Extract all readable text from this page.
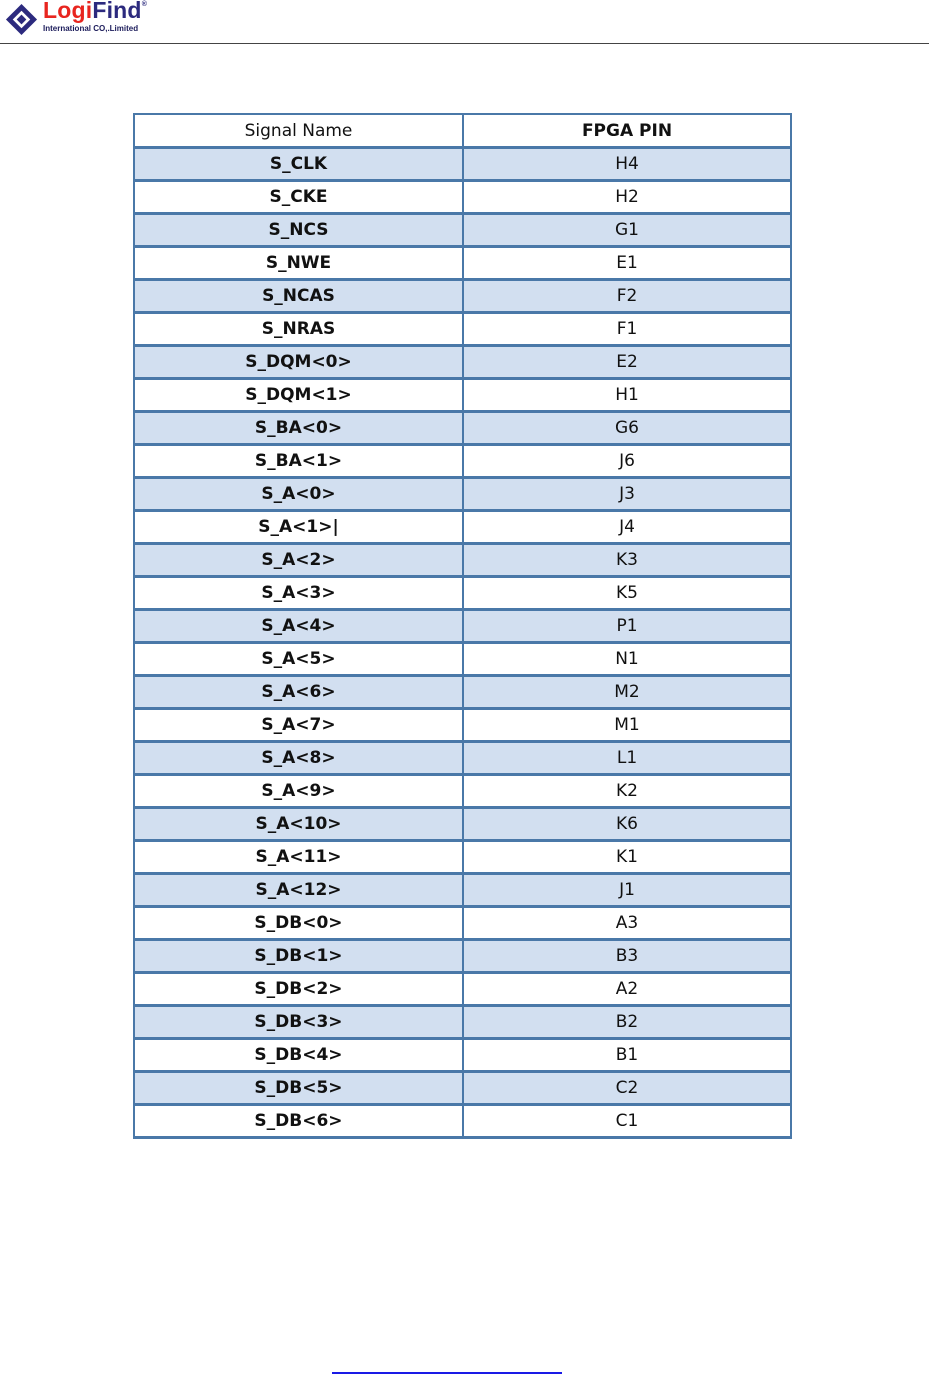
LogiFind®
International CO,.Limited
Signal Name	FPGA PIN
S_CLK	H4
S_CKE	H2
S_NCS	G1
S_NWE	E1
S_NCAS	F2
S_NRAS	F1
S_DQM<0>	E2
S_DQM<1>	H1
S_BA<0>	G6
S_BA<1>	J6
S_A<0>	J3
S_A<1>|	J4
S_A<2>	K3
S_A<3>	K5
S_A<4>	P1
S_A<5>	N1
S_A<6>	M2
S_A<7>	M1
S_A<8>	L1
S_A<9>	K2
S_A<10>	K6
S_A<11>	K1
S_A<12>	J1
S_DB<0>	A3
S_DB<1>	B3
S_DB<2>	A2
S_DB<3>	B2
S_DB<4>	B1
S_DB<5>	C2
S_DB<6>	C1
